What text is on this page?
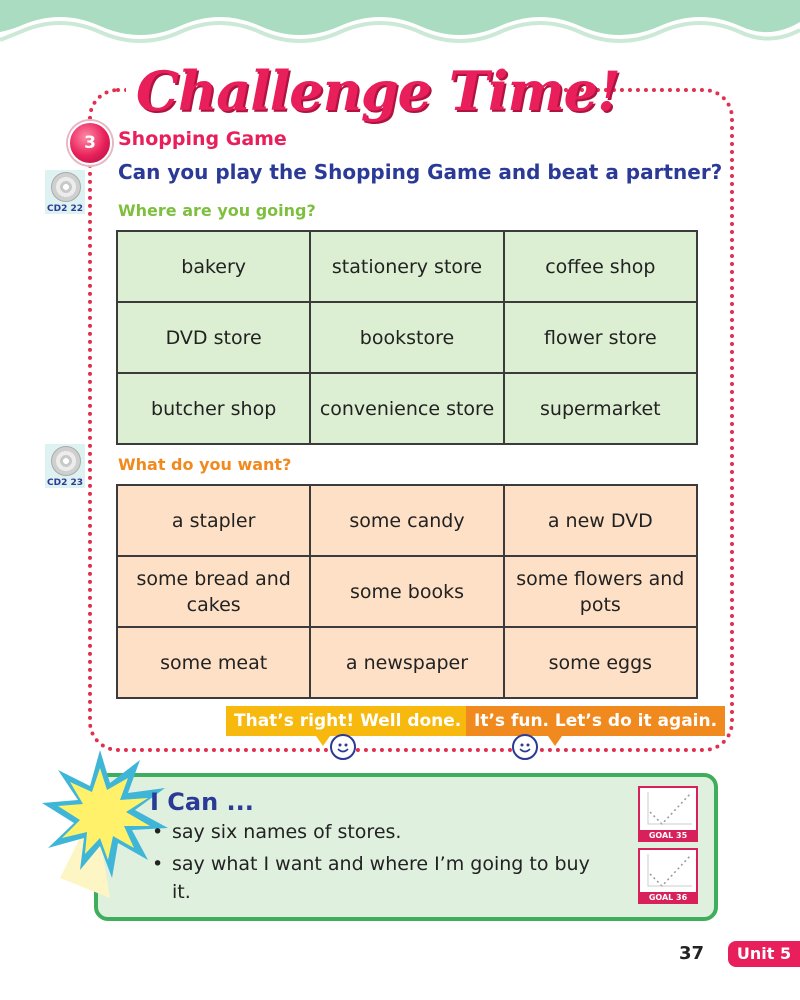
Challenge Time!
3	Shopping Game
Can you play the Shopping Game and beat a partner?
CD2 22
CD2 23
Where are you going?
bakery	stationery store	coffee shop
DVD store	bookstore	flower store
butcher shop	convenience store	supermarket
What do you want?
a stapler	some candy	a new DVD
some bread and cakes	some books	some flowers and pots
some meat	a newspaper	some eggs
That’s right! Well done. It’s fun. Let’s do it again.
I Can ...
• say six names of stores.
• say what I want and where I’m going to buy it.
GOAL 35
GOAL 36
37	Unit 5
